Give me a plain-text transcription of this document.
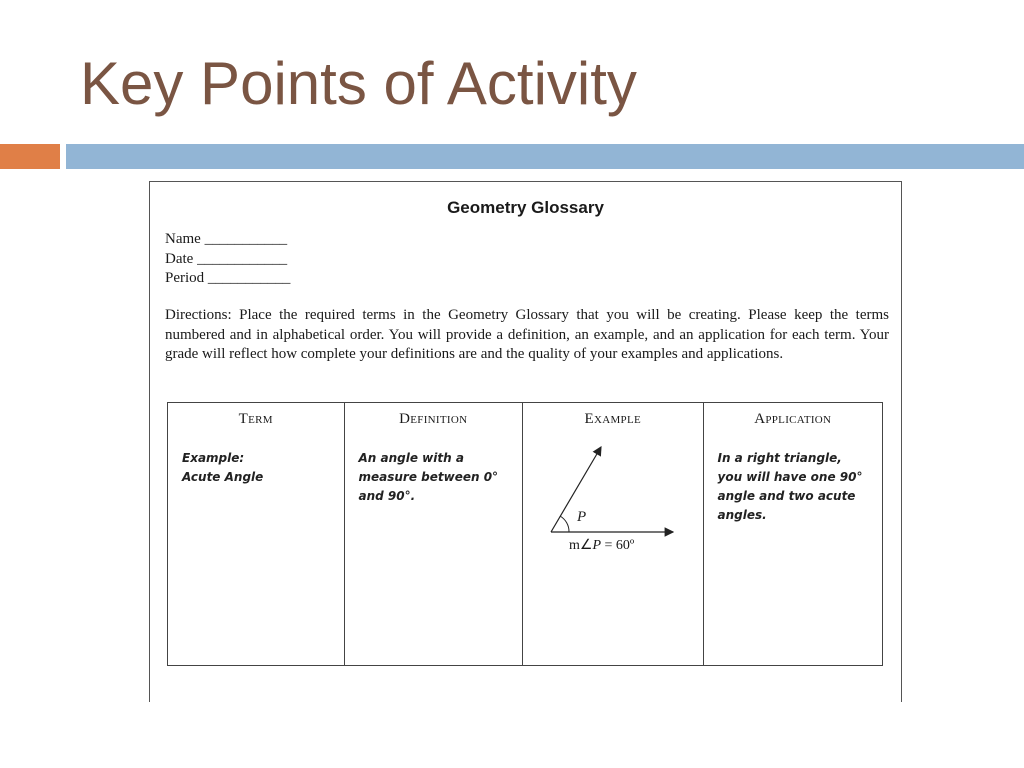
Key Points of Activity
Geometry Glossary
Name ___________
Date ____________
Period ___________
Directions: Place the required terms in the Geometry Glossary that you will be creating. Please keep the terms numbered and in alphabetical order. You will provide a definition, an example, and an application for each term. Your grade will reflect how complete your definitions are and the quality of your examples and applications.
Term
Example:
Acute Angle
Definition
An angle with a
measure between 0°
and 90°.
Example
P
m∠P = 60º
Application
In a right triangle,
you will have one 90°
angle and two acute
angles.
